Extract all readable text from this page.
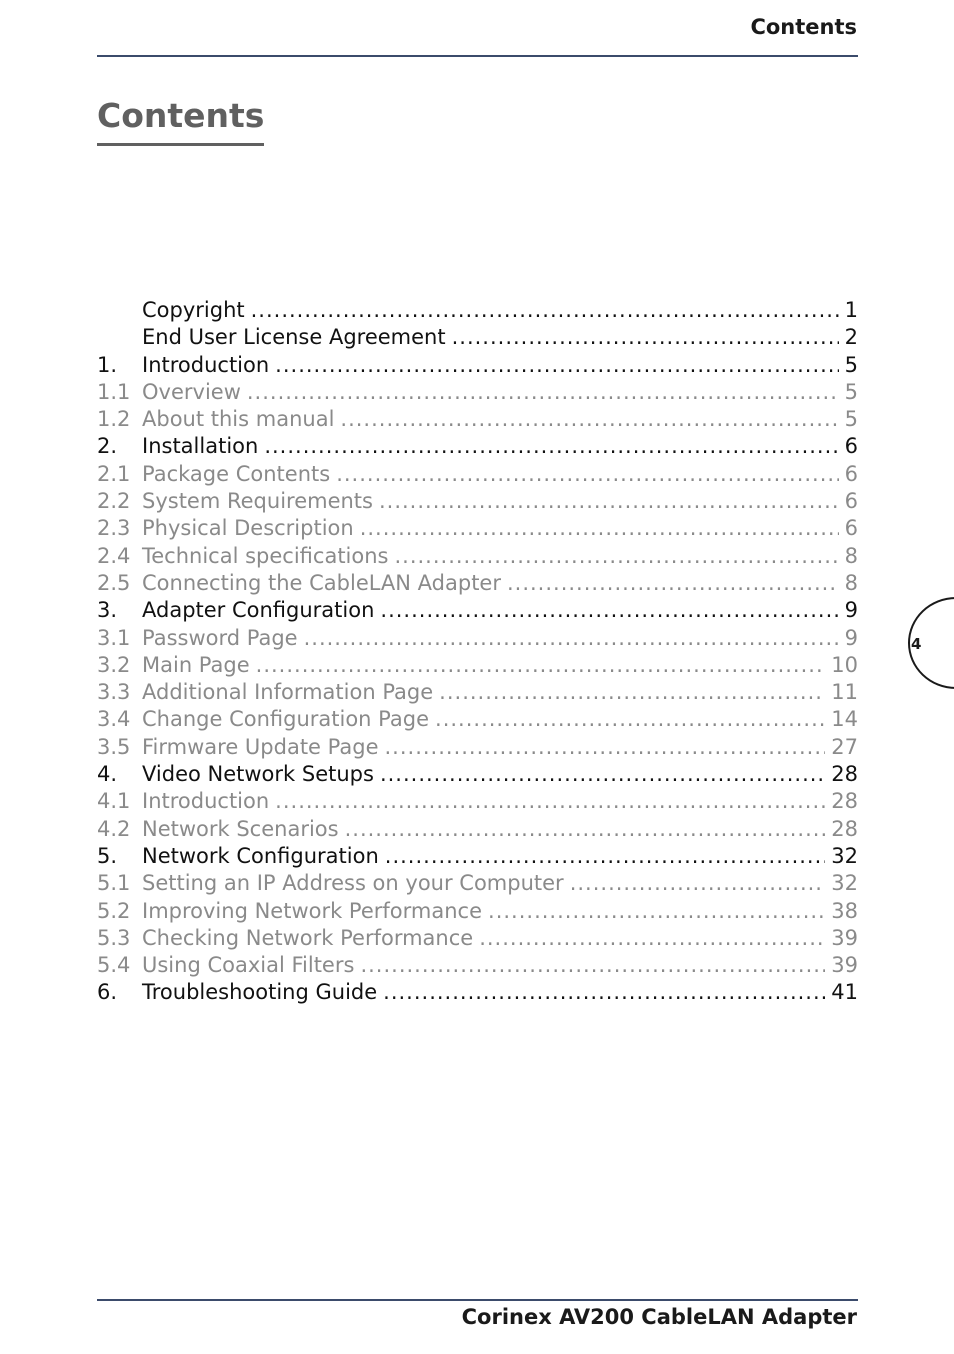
Contents
Contents
Copyright .....	1
End User License Agreement .....	2
1.	Introduction .....	5
1.1 Overview .....	5
1.2 About this manual .....	5
2.	Installation .....	6
2.1 Package Contents .....	6
2.2 System Requirements .....	6
2.3 Physical Description .....	6
2.4 Technical specifications .....	8
2.5 Connecting the CableLAN Adapter .....	8
3.	Adapter Configuration .....	9
3.1 Password Page .....	9
3.2 Main Page .....	10
3.3 Additional Information Page .....	11
3.4 Change Configuration Page .....	14
3.5 Firmware Update Page .....	27
4.	Video Network Setups .....	28
4.1 Introduction .....	28
4.2 Network Scenarios .....	28
5.	Network Configuration .....	32
5.1 Setting an IP Address on your Computer .....	32
5.2 Improving Network Performance .....	38
5.3 Checking Network Performance .....	39
5.4 Using Coaxial Filters .....	39
6.	Troubleshooting Guide .....	41
4
Corinex AV200 CableLAN Adapter
